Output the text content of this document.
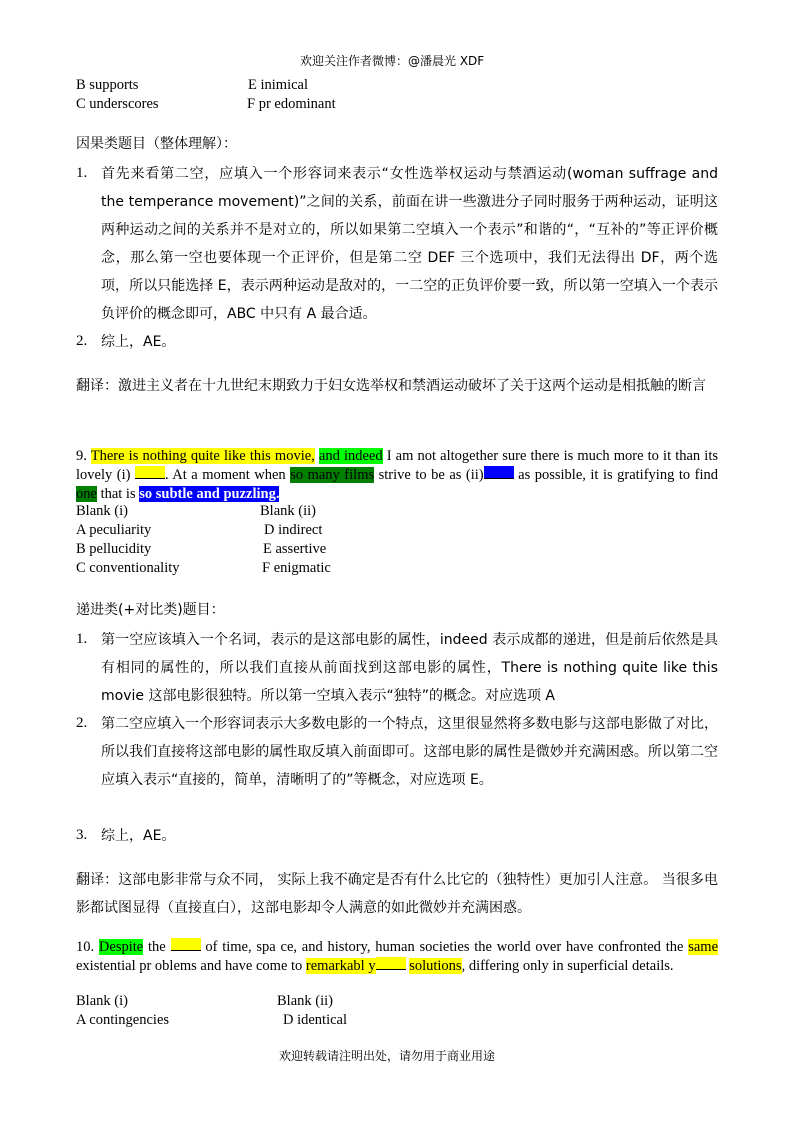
欢迎关注作者微博：@潘晨光 XDF
B supports	E inimical
C underscores	F pr edominant
因果类题目（整体理解）：
1. 首先来看第二空，应填入一个形容词来表示“女性选举权运动与禁酒运动(woman suffrage and the temperance movement)”之间的关系，前面在讲一些激进分子同时服务于两种运动，证明这两种运动之间的关系并不是对立的，所以如果第二空填入一个表示”和谐的“，“互补的”等正评价概念，那么第一空也要体现一个正评价，但是第二空 DEF 三个选项中，我们无法得出 DF，两个选项，所以只能选择 E，表示两种运动是敌对的，一二空的正负评价要一致，所以第一空填入一个表示负评价的概念即可，ABC 中只有 A 最合适。
2. 综上，AE。
翻译：激进主义者在十九世纪末期致力于妇女选举权和禁酒运动破坏了关于这两个运动是相抵触的断言
9. There is nothing quite like this movie, and indeed I am not altogether sure there is much more to it than its lovely (i) . At a moment when so many films strive to be as (ii) as possible, it is gratifying to find one that is so subtle and puzzling.
Blank (i)	Blank (ii)
A peculiarity	D indirect
B pellucidity	E assertive
C conventionality	F enigmatic
递进类(+对比类)题目：
1. 第一空应该填入一个名词，表示的是这部电影的属性，indeed 表示成都的递进，但是前后依然是具有相同的属性的，所以我们直接从前面找到这部电影的属性，There is nothing quite like this movie 这部电影很独特。所以第一空填入表示“独特”的概念。对应选项 A
2. 第二空应填入一个形容词表示大多数电影的一个特点，这里很显然将多数电影与这部电影做了对比，所以我们直接将这部电影的属性取反填入前面即可。这部电影的属性是微妙并充满困惑。所以第二空应填入表示“直接的，简单，清晰明了的”等概念，对应选项 E。
3. 综上，AE。
翻译：这部电影非常与众不同， 实际上我不确定是否有什么比它的（独特性）更加引人注意。 当很多电影都试图显得（直接直白），这部电影却令人满意的如此微妙并充满困惑。
10. Despite the  of time, spa ce, and history, human societies the world over have confronted the same existential pr oblems and have come to remarkabl y solutions, differing only in superficial details.
Blank (i)	Blank (ii)
A contingencies	D identical
欢迎转载请注明出处，请勿用于商业用途
